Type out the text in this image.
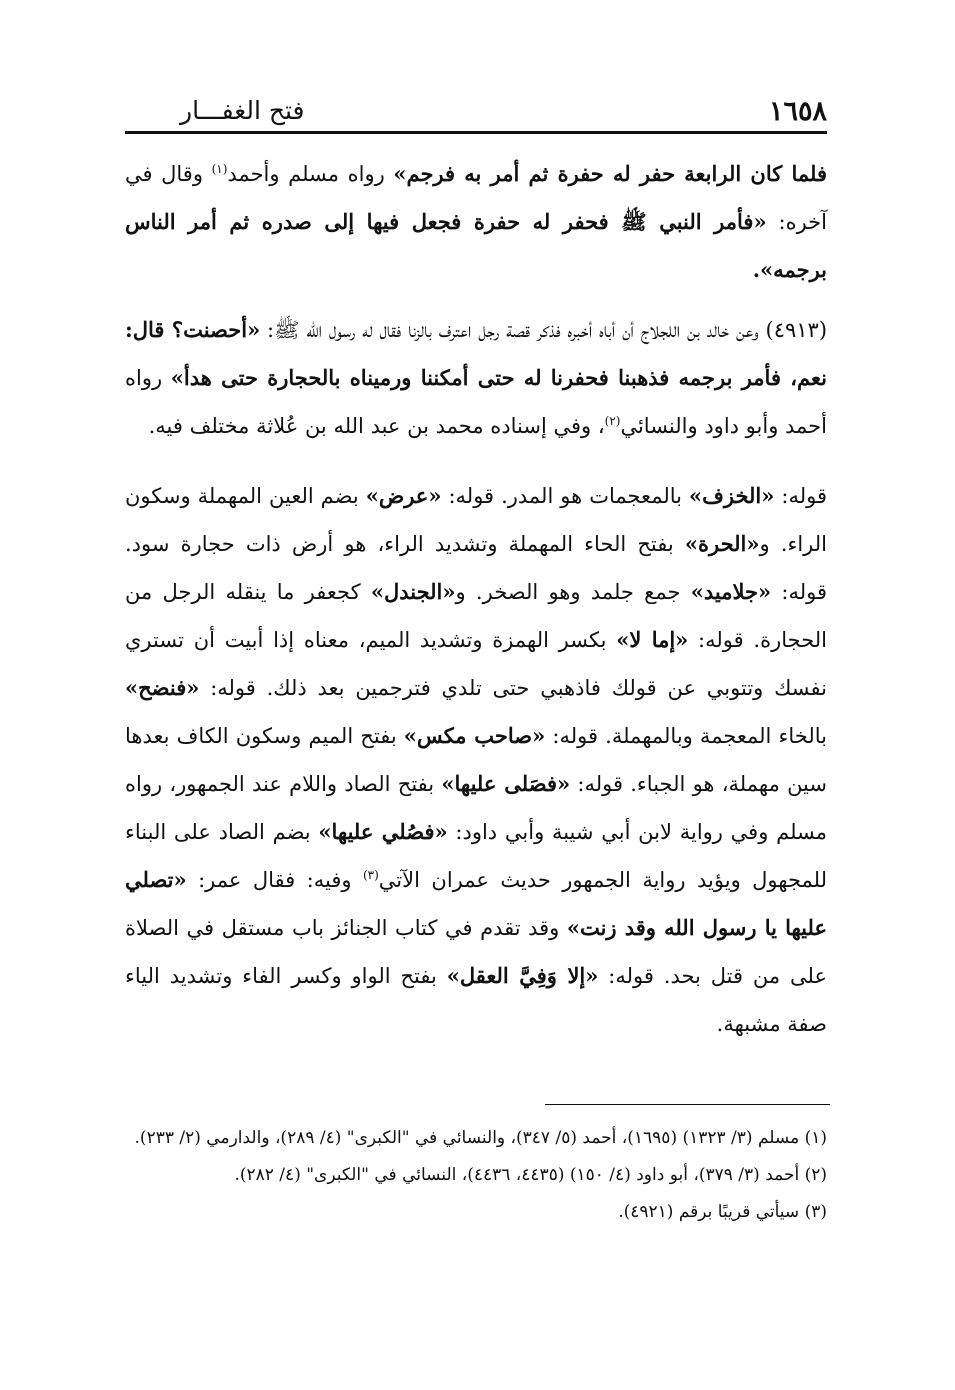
١٦٥٨
فتح الغفـــار

فلما كان الرابعة حفر له حفرة ثم أمر به فرجم» رواه مسلم وأحمد$^{(١)}$ وقال في آخره: «فأمر النبي ﷺ فحفر له حفرة فجعل فيها إلى صدره ثم أمر الناس برجمه».

(٤٩١٣) وعن خالد بن اللجلاج أن أباه أخبره فذكر قصة رجل اعترف بالزنا فقال له رسول الله ﷺ: «أحصنت؟ قال: نعم، فأمر برجمه فذهبنا فحفرنا له حتى أمكننا ورميناه بالحجارة حتى هدأ» رواه أحمد وأبو داود والنسائي$^{(٢)}$، وفي إسناده محمد بن عبد الله بن عُلاثة مختلف فيه.

قوله: «الخزف» بالمعجمات هو المدر. قوله: «عرض» بضم العين المهملة وسكون الراء. و«الحرة» بفتح الحاء المهملة وتشديد الراء، هو أرض ذات حجارة سود. قوله: «جلاميد» جمع جلمد وهو الصخر. و«الجندل» كجعفر ما ينقله الرجل من الحجارة. قوله: «إما لا» بكسر الهمزة وتشديد الميم، معناه إذا أبيت أن تستري نفسك وتتوبي عن قولك فاذهبي حتى تلدي فترجمين بعد ذلك. قوله: «فنضح» بالخاء المعجمة وبالمهملة. قوله: «صاحب مكس» بفتح الميم وسكون الكاف بعدها سين مهملة، هو الجباء. قوله: «فصَلى عليها» بفتح الصاد واللام عند الجمهور، رواه مسلم وفي رواية لابن أبي شيبة وأبي داود: «فصُلي عليها» بضم الصاد على البناء للمجهول ويؤيد رواية الجمهور حديث عمران الآتي$^{(٣)}$ وفيه: فقال عمر: «تصلي عليها يا رسول الله وقد زنت» وقد تقدم في كتاب الجنائز باب مستقل في الصلاة على من قتل بحد. قوله: «إلا وَفِيَّ العقل» بفتح الواو وكسر الفاء وتشديد الياء صفة مشبهة.

(١) مسلم (٣/ ١٣٢٣) (١٦٩٥)، أحمد (٥/ ٣٤٧)، والنسائي في "الكبرى" (٤/ ٢٨٩)، والدارمي (٢/ ٢٣٣).

(٢) أحمد (٣/ ٣٧٩)، أبو داود (٤/ ١٥٠) (٤٤٣٥، ٤٤٣٦)، النسائي في "الكبرى" (٤/ ٢٨٢).

(٣) سيأتي قريبًا برقم (٤٩٢١).
